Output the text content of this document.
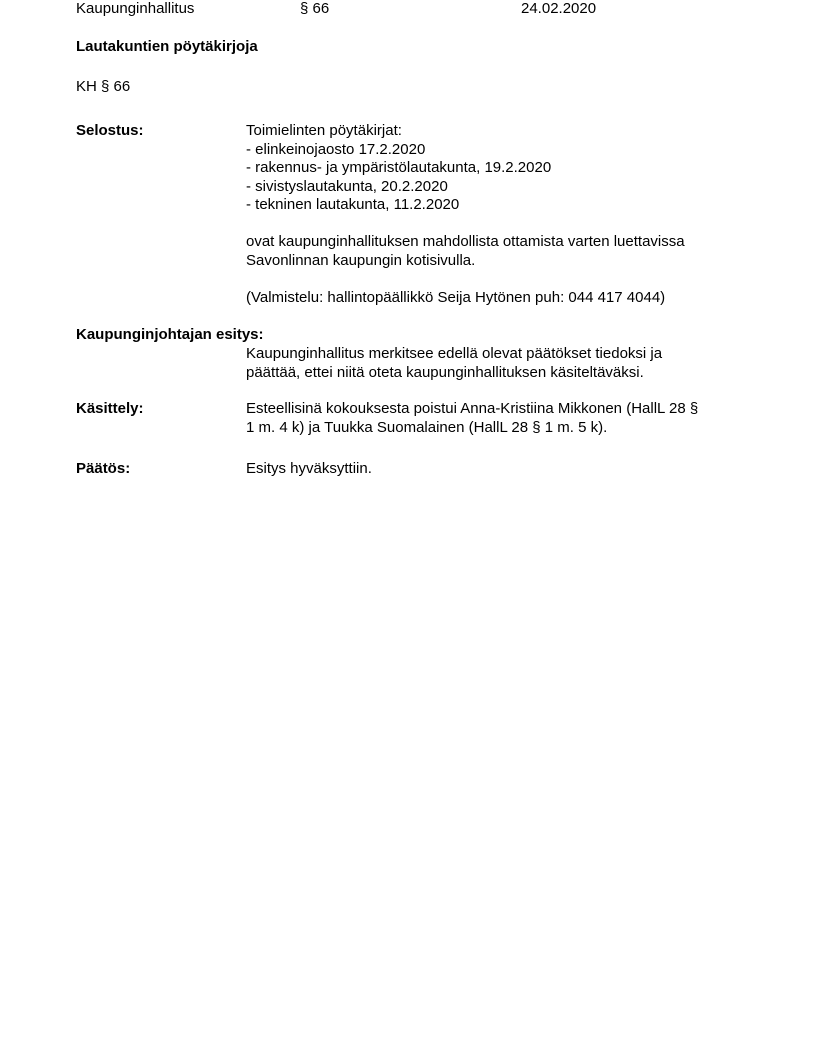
Kaupunginhallitus	§ 66	24.02.2020
Lautakuntien pöytäkirjoja
KH § 66
Selostus:	Toimielinten pöytäkirjat:
- elinkeinojaosto 17.2.2020
- rakennus- ja ympäristölautakunta, 19.2.2020
- sivistyslautakunta, 20.2.2020
- tekninen lautakunta, 11.2.2020
ovat kaupunginhallituksen mahdollista ottamista varten luettavissa
Savonlinnan kaupungin kotisivulla.
(Valmistelu: hallintopäällikkö Seija Hytönen puh: 044 417 4044)
Kaupunginjohtajan esitys:
Kaupunginhallitus merkitsee edellä olevat päätökset tiedoksi ja
päättää, ettei niitä oteta kaupunginhallituksen käsiteltäväksi.
Käsittely:	Esteellisinä kokouksesta poistui Anna-Kristiina Mikkonen (HallL 28 §
1 m. 4 k) ja Tuukka Suomalainen (HallL 28 § 1 m. 5 k).
Päätös:	Esitys hyväksyttiin.
